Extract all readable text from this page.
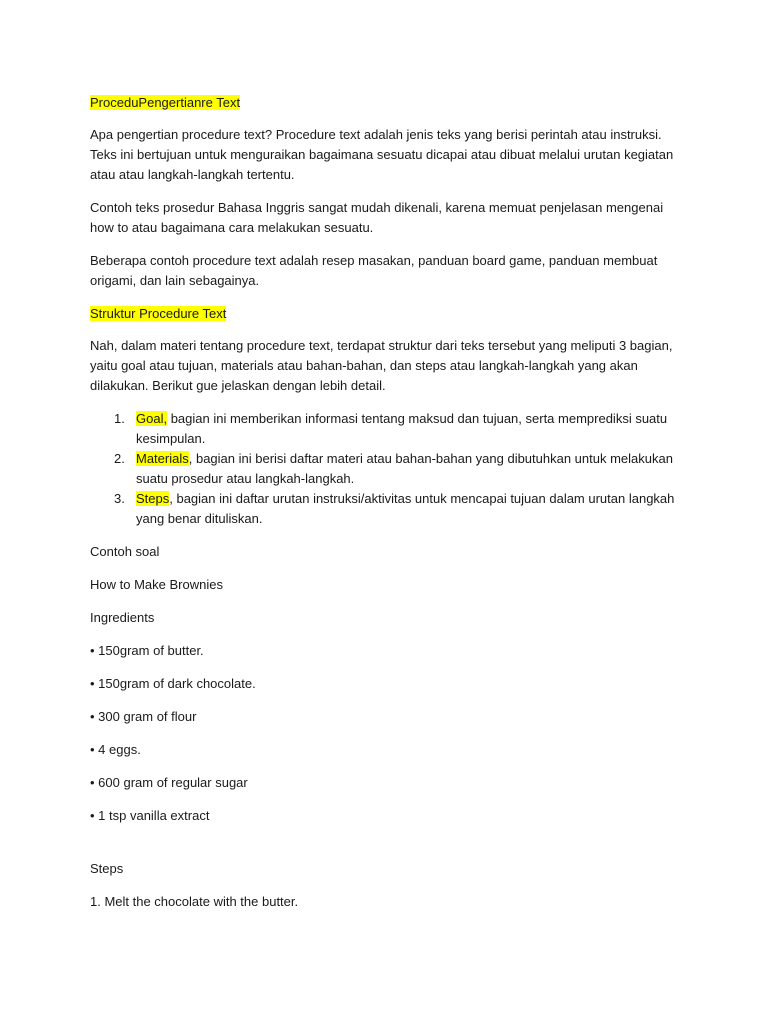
ProceduPengertianre Text

Apa pengertian procedure text? Procedure text adalah jenis teks yang berisi perintah atau instruksi. Teks ini bertujuan untuk menguraikan bagaimana sesuatu dicapai atau dibuat melalui urutan kegiatan atau atau langkah-langkah tertentu.

Contoh teks prosedur Bahasa Inggris sangat mudah dikenali, karena memuat penjelasan mengenai how to atau bagaimana cara melakukan sesuatu.

Beberapa contoh procedure text adalah resep masakan, panduan board game, panduan membuat origami, dan lain sebagainya.

Struktur Procedure Text

Nah, dalam materi tentang procedure text, terdapat struktur dari teks tersebut yang meliputi 3 bagian, yaitu goal atau tujuan, materials atau bahan-bahan, dan steps atau langkah-langkah yang akan dilakukan. Berikut gue jelaskan dengan lebih detail.

1. Goal, bagian ini memberikan informasi tentang maksud dan tujuan, serta memprediksi suatu kesimpulan.
2. Materials, bagian ini berisi daftar materi atau bahan-bahan yang dibutuhkan untuk melakukan suatu prosedur atau langkah-langkah.
3. Steps, bagian ini daftar urutan instruksi/aktivitas untuk mencapai tujuan dalam urutan langkah yang benar dituliskan.

Contoh soal

How to Make Brownies

Ingredients

• 150gram of butter.

• 150gram of dark chocolate.

• 300 gram of flour

• 4 eggs.

• 600 gram of regular sugar

• 1 tsp vanilla extract

Steps

1. Melt the chocolate with the butter.
